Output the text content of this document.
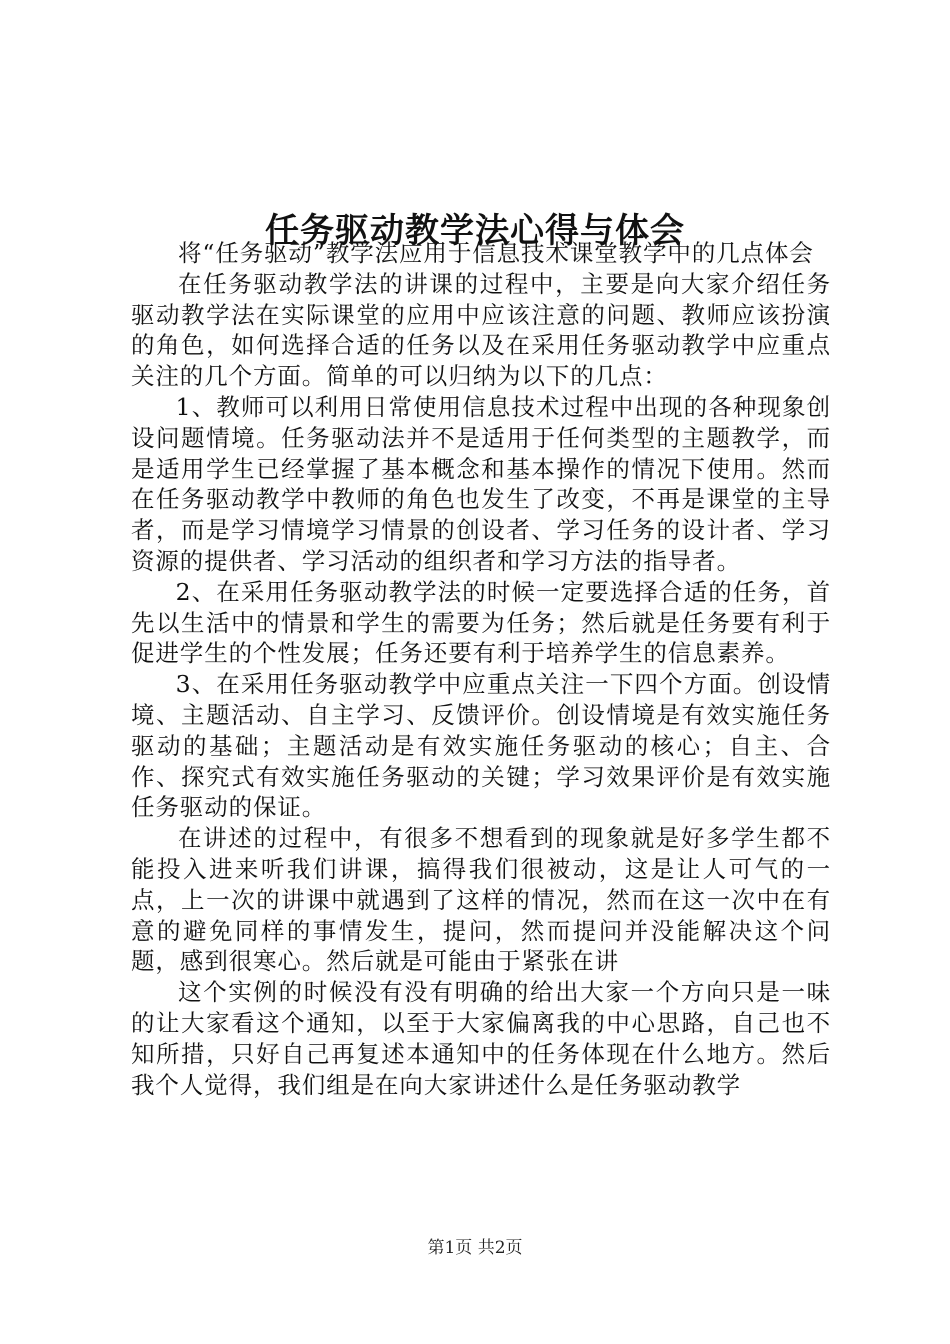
任务驱动教学法心得与体会

将“任务驱动”教学法应用于信息技术课堂教学中的几点体会

在任务驱动教学法的讲课的过程中，主要是向大家介绍任务驱动教学法在实际课堂的应用中应该注意的问题、教师应该扮演的角色，如何选择合适的任务以及在采用任务驱动教学中应重点关注的几个方面。简单的可以归纳为以下的几点：

1、教师可以利用日常使用信息技术过程中出现的各种现象创设问题情境。任务驱动法并不是适用于任何类型的主题教学，而是适用学生已经掌握了基本概念和基本操作的情况下使用。然而在任务驱动教学中教师的角色也发生了改变，不再是课堂的主导者，而是学习情境学习情景的创设者、学习任务的设计者、学习资源的提供者、学习活动的组织者和学习方法的指导者。

2、在采用任务驱动教学法的时候一定要选择合适的任务，首先以生活中的情景和学生的需要为任务；然后就是任务要有利于促进学生的个性发展；任务还要有利于培养学生的信息素养。

3、在采用任务驱动教学中应重点关注一下四个方面。创设情境、主题活动、自主学习、反馈评价。创设情境是有效实施任务驱动的基础；主题活动是有效实施任务驱动的核心；自主、合作、探究式有效实施任务驱动的关键；学习效果评价是有效实施任务驱动的保证。

在讲述的过程中，有很多不想看到的现象就是好多学生都不能投入进来听我们讲课，搞得我们很被动，这是让人可气的一点，上一次的讲课中就遇到了这样的情况，然而在这一次中在有意的避免同样的事情发生，提问，然而提问并没能解决这个问题，感到很寒心。然后就是可能由于紧张在讲

这个实例的时候没有没有明确的给出大家一个方向只是一味的让大家看这个通知，以至于大家偏离我的中心思路，自己也不知所措，只好自己再复述本通知中的任务体现在什么地方。然后我个人觉得，我们组是在向大家讲述什么是任务驱动教学

第1页 共2页
